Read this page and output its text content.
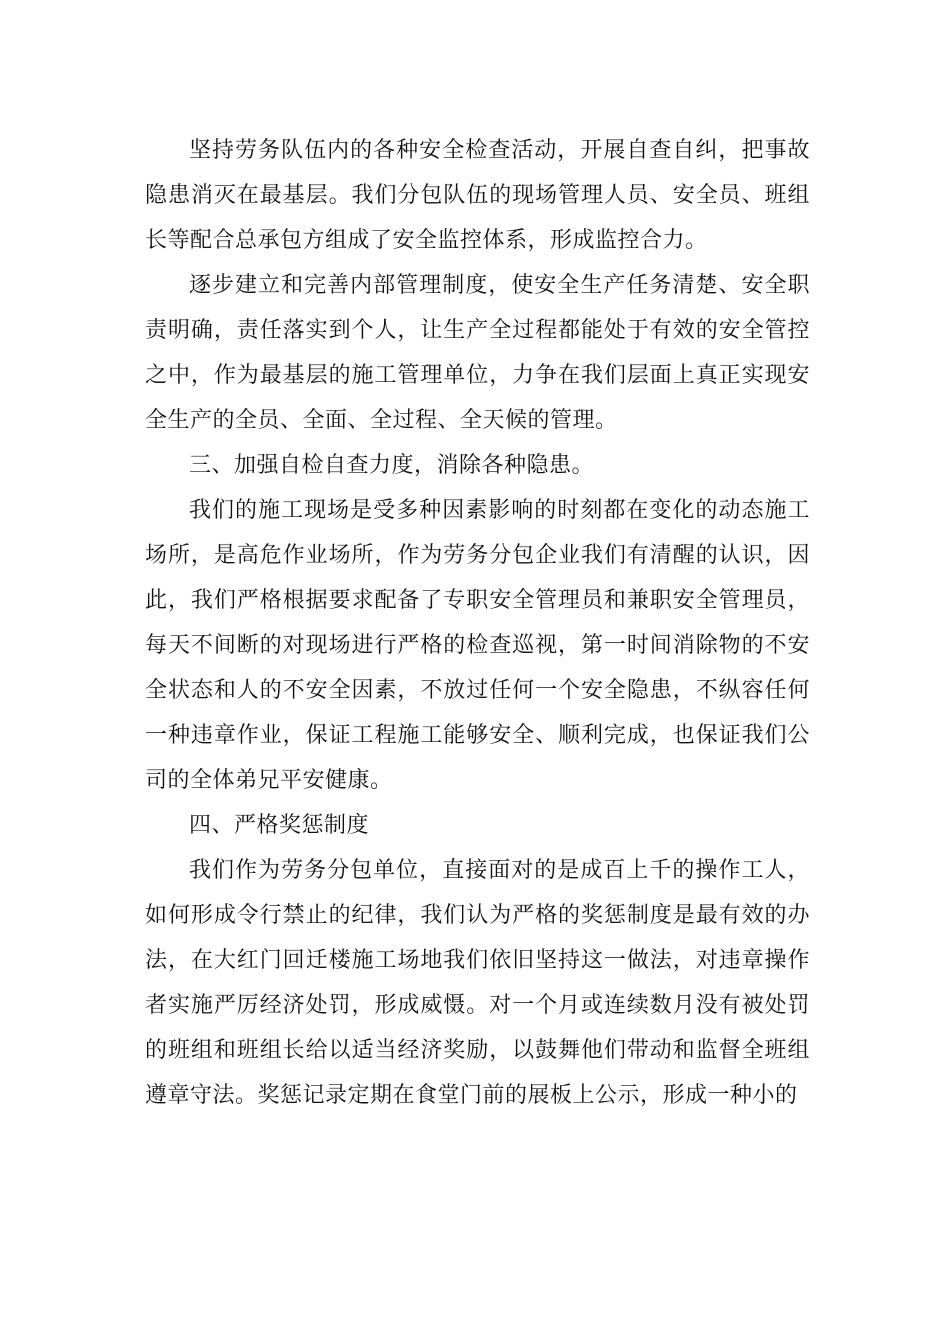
坚持劳务队伍内的各种安全检查活动，开展自查自纠，把事故隐患消灭在最基层。我们分包队伍的现场管理人员、安全员、班组长等配合总承包方组成了安全监控体系，形成监控合力。

逐步建立和完善内部管理制度，使安全生产任务清楚、安全职责明确，责任落实到个人，让生产全过程都能处于有效的安全管控之中，作为最基层的施工管理单位，力争在我们层面上真正实现安全生产的全员、全面、全过程、全天候的管理。

三、加强自检自查力度，消除各种隐患。

我们的施工现场是受多种因素影响的时刻都在变化的动态施工场所，是高危作业场所，作为劳务分包企业我们有清醒的认识，因此，我们严格根据要求配备了专职安全管理员和兼职安全管理员，每天不间断的对现场进行严格的检查巡视，第一时间消除物的不安全状态和人的不安全因素，不放过任何一个安全隐患，不纵容任何一种违章作业，保证工程施工能够安全、顺利完成，也保证我们公司的全体弟兄平安健康。

四、严格奖惩制度

我们作为劳务分包单位，直接面对的是成百上千的操作工人，如何形成令行禁止的纪律，我们认为严格的奖惩制度是最有效的办法，在大红门回迁楼施工场地我们依旧坚持这一做法，对违章操作者实施严厉经济处罚，形成威慑。对一个月或连续数月没有被处罚的班组和班组长给以适当经济奖励，以鼓舞他们带动和监督全班组遵章守法。奖惩记录定期在食堂门前的展板上公示，形成一种小的
